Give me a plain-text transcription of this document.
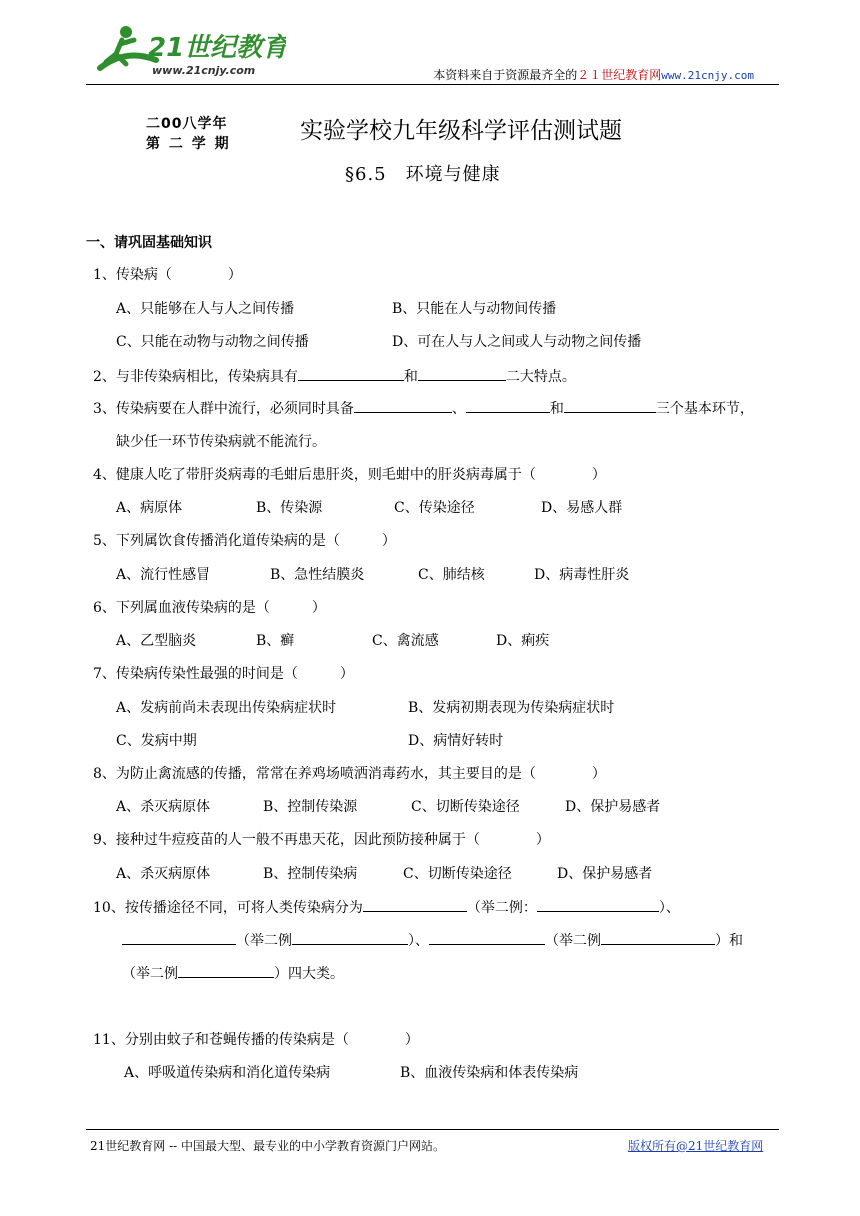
21世纪教育
www.21cnjy.com	本资料来自于资源最齐全的２１世纪教育网www.21cnjy.com
二00八学年
第 二 学 期	实验学校九年级科学评估测试题
§6.5　环境与健康
一、请巩固基础知识
1、传染病（　　　　）
A、只能够在人与人之间传播	B、只能在人与动物间传播
C、只能在动物与动物之间传播	D、可在人与人之间或人与动物之间传播
2、与非传染病相比，传染病具有	和	二大特点。
3、传染病要在人群中流行，必须同时具备	、	和	三个基本环节，
缺少任一环节传染病就不能流行。
4、健康人吃了带肝炎病毒的毛蚶后患肝炎，则毛蚶中的肝炎病毒属于（　　　　）
A、病原体	B、传染源	C、传染途径	D、易感人群
5、下列属饮食传播消化道传染病的是（　　　）
A、流行性感冒	B、急性结膜炎	C、肺结核	D、病毒性肝炎
6、下列属血液传染病的是（　　　）
A、乙型脑炎	B、癣	C、禽流感	D、痢疾
7、传染病传染性最强的时间是（　　　）
A、发病前尚未表现出传染病症状时	B、发病初期表现为传染病症状时
C、发病中期	D、病情好转时
8、为防止禽流感的传播，常常在养鸡场喷洒消毒药水，其主要目的是（　　　　）
A、杀灭病原体	B、控制传染源	C、切断传染途径	D、保护易感者
9、接种过牛痘疫苗的人一般不再患天花，因此预防接种属于（　　　　）
A、杀灭病原体	B、控制传染病	C、切断传染途径	D、保护易感者
10、按传播途径不同，可将人类传染病分为	（举二例：	）、
（举二例	）、	（举二例	）和
（举二例	）四大类。
11、分别由蚊子和苍蝇传播的传染病是（　　　　）
A、呼吸道传染病和消化道传染病	B、血液传染病和体表传染病
21世纪教育网 -- 中国最大型、最专业的中小学教育资源门户网站。	版权所有@21世纪教育网
